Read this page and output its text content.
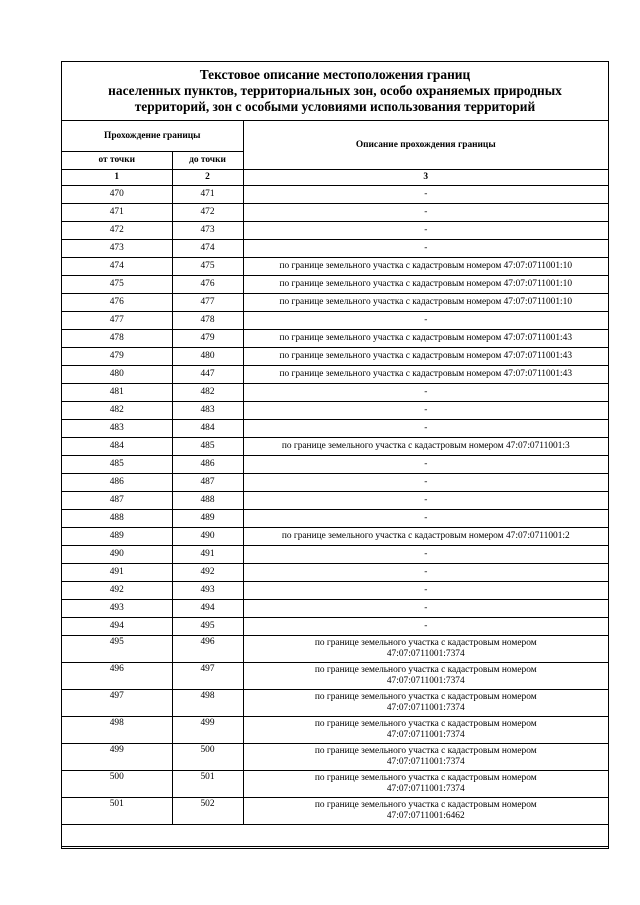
Текстовое описание местоположения границ
населенных пунктов, территориальных зон, особо охраняемых природных
территорий, зон с особыми условиями использования территорий
Прохождение границы		Описание прохождения границы
от точки	до точки	
1	2	3
470	471	-
471	472	-
472	473	-
473	474	-
474	475	по границе земельного участка с кадастровым номером 47:07:0711001:10
475	476	по границе земельного участка с кадастровым номером 47:07:0711001:10
476	477	по границе земельного участка с кадастровым номером 47:07:0711001:10
477	478	-
478	479	по границе земельного участка с кадастровым номером 47:07:0711001:43
479	480	по границе земельного участка с кадастровым номером 47:07:0711001:43
480	447	по границе земельного участка с кадастровым номером 47:07:0711001:43
481	482	-
482	483	-
483	484	-
484	485	по границе земельного участка с кадастровым номером 47:07:0711001:3
485	486	-
486	487	-
487	488	-
488	489	-
489	490	по границе земельного участка с кадастровым номером 47:07:0711001:2
490	491	-
491	492	-
492	493	-
493	494	-
494	495	-
495	496	по границе земельного участка с кадастровым номером
47:07:0711001:7374

496	497	по границе земельного участка с кадастровым номером
47:07:0711001:7374

497	498	по границе земельного участка с кадастровым номером
47:07:0711001:7374

498	499	по границе земельного участка с кадастровым номером
47:07:0711001:7374

499	500	по границе земельного участка с кадастровым номером
47:07:0711001:7374

500	501	по границе земельного участка с кадастровым номером
47:07:0711001:7374

501	502	по границе земельного участка с кадастровым номером
47:07:0711001:6462
